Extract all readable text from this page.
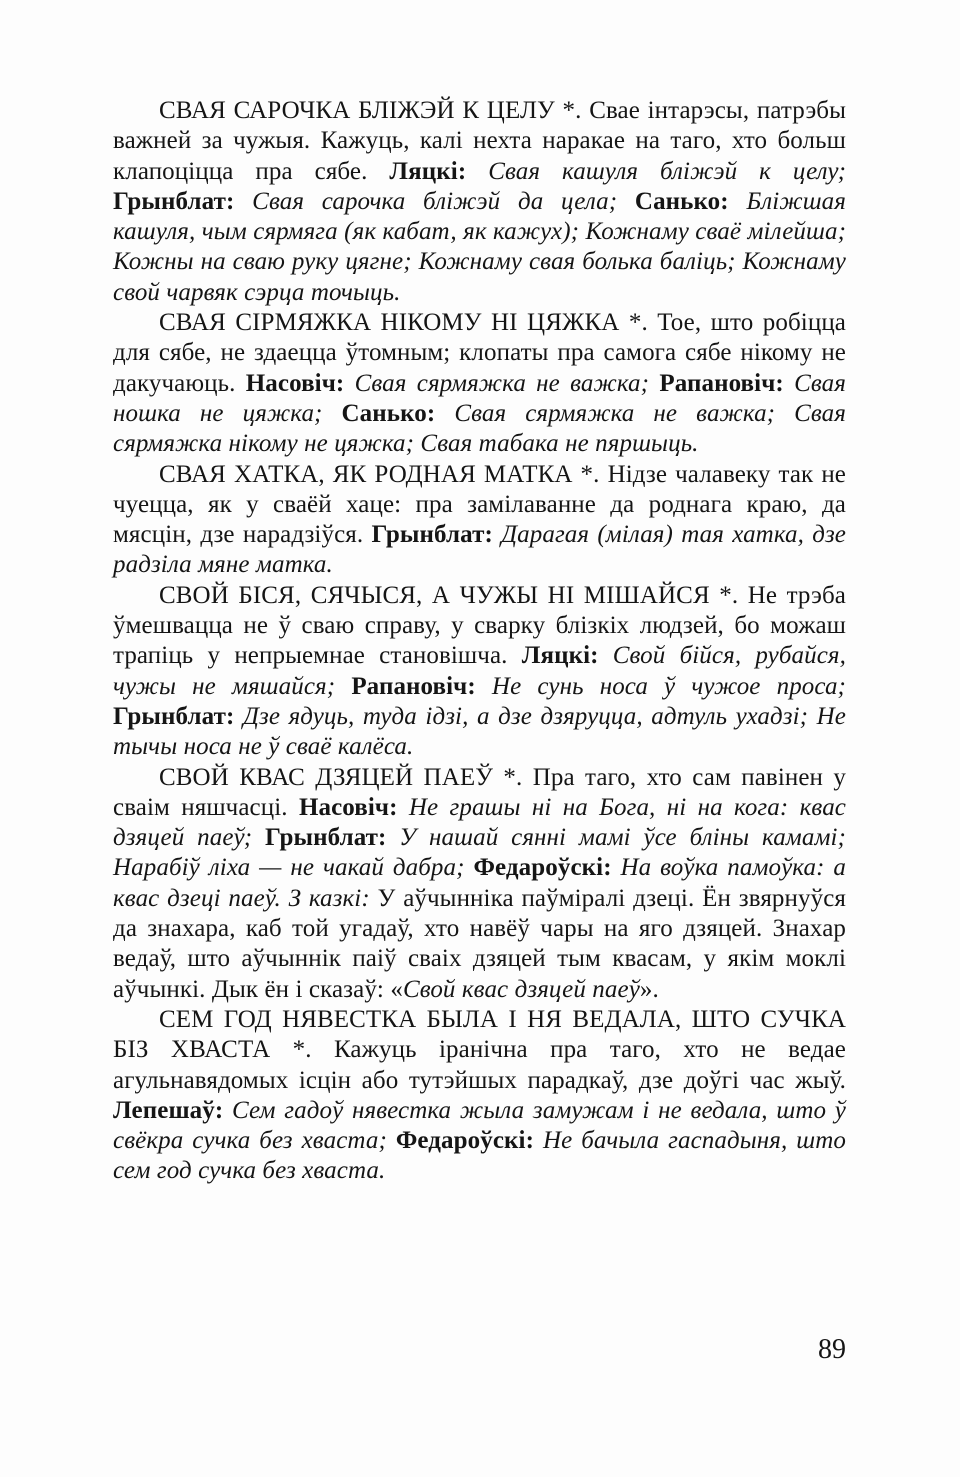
СВАЯ САРОЧКА БЛІЖЭЙ К ЦЕЛУ *. Свае інтарэсы, патрэбы важней за чужыя. Кажуць, калі нехта наракае на таго, хто больш клапоціцца пра сябе. Ляцкі: Свая кашуля бліжэй к целу; Грынблат: Свая сарочка бліжэй да цела; Санько: Бліжшая кашуля, чым сярмяга (як кабат, як кажух); Кожнаму сваё мілейша; Кожны на сваю руку цягне; Кожнаму свая болька баліць; Кожнаму свой чарвяк сэрца точыць.

СВАЯ СІРМЯЖКА НІКОМУ НІ ЦЯЖКА *. Тое, што робіцца для сябе, не здаецца ўтомным; клопаты пра самога сябе нікому не дакучаюць. Насовіч: Свая сярмяжка не важка; Рапановіч: Свая ношка не цяжка; Санько: Свая сярмяжка не важка; Свая сярмяжка нікому не цяжка; Свая табака не пяршыць.

СВАЯ ХАТКА, ЯК РОДНАЯ МАТКА *. Нідзе чалавеку так не чуецца, як у сваёй хаце: пра замілаванне да роднага краю, да мясцін, дзе нарадзіўся. Грынблат: Дарагая (мілая) тая хатка, дзе радзіла мяне матка.

СВОЙ БІСЯ, СЯЧЫСЯ, А ЧУЖЫ НІ МІШАЙСЯ *. Не трэба ўмешвацца не ў сваю справу, у сварку блізкіх людзей, бо можаш трапіць у непрыемнае становішча. Ляцкі: Свой бійся, рубайся, чужы не мяшайся; Рапановіч: Не сунь носа ў чужое проса; Грынблат: Дзе ядуць, туда ідзі, а дзе дзяруцца, адтуль ухадзі; Не тычы носа не ў сваё калёса.

СВОЙ КВАС ДЗЯЦЕЙ ПАЕЎ *. Пра таго, хто сам павінен у сваім няшчасці. Насовіч: Не грашы ні на Бога, ні на кога: квас дзяцей паеў; Грынблат: У нашай сянні мамі ўсе бліны камамі; Нарабіў ліха — не чакай дабра; Федароўскі: На воўка памоўка: а квас дзеці паеў. З казкі: У аўчынніка паўміралі дзеці. Ён звярнуўся да знахара, каб той угадаў, хто навёў чары на яго дзяцей. Знахар ведаў, што аўчыннік паіў сваіх дзяцей тым квасам, у якім моклі аўчынкі. Дык ён і сказаў: «Свой квас дзяцей паеў».

СЕМ ГОД НЯВЕСТКА БЫЛА І НЯ ВЕДАЛА, ШТО СУЧКА БІЗ ХВАСТА *. Кажуць іранічна пра таго, хто не ведае агульнавядомых ісцін або тутэйшых парадкаў, дзе доўгі час жыў. Лепешаў: Сем гадоў нявестка жыла замужам і не ведала, што ў свёкра сучка без хваста; Федароўскі: Не бачыла гаспадыня, што сем год сучка без хваста.

89
